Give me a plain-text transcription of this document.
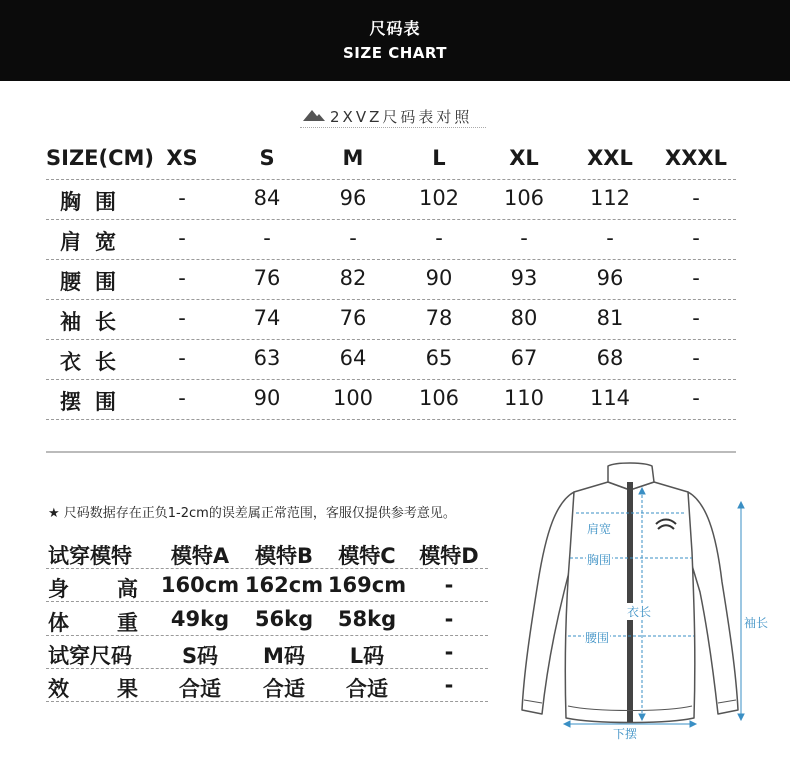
尺码表
SIZE CHART
2XVZ尺码表对照
SIZE(CM) XS	S	M	L	XL	XXL	XXXL
胸围	-	84	96	102	106	112	-
肩宽	-	-	-	-	-	-	-
腰围	-	76	82	90	93	96	-
袖长	-	74	76	78	80	81	-
衣长	-	63	64	65	67	68	-
摆围	-	90	100	106	110	114	-
★ 尺码数据存在正负1-2cm的误差属正常范围，客服仅提供参考意见。
试穿模特	模特A	模特B	模特C	模特D
身 高 160cm 162cm 169cm	-
体 重	49kg	56kg	58kg	-
试穿尺码	S码	M码	L码	-
效 果	合适	合适	合适	-
肩宽
胸围
衣长
腰围
袖长
下摆
